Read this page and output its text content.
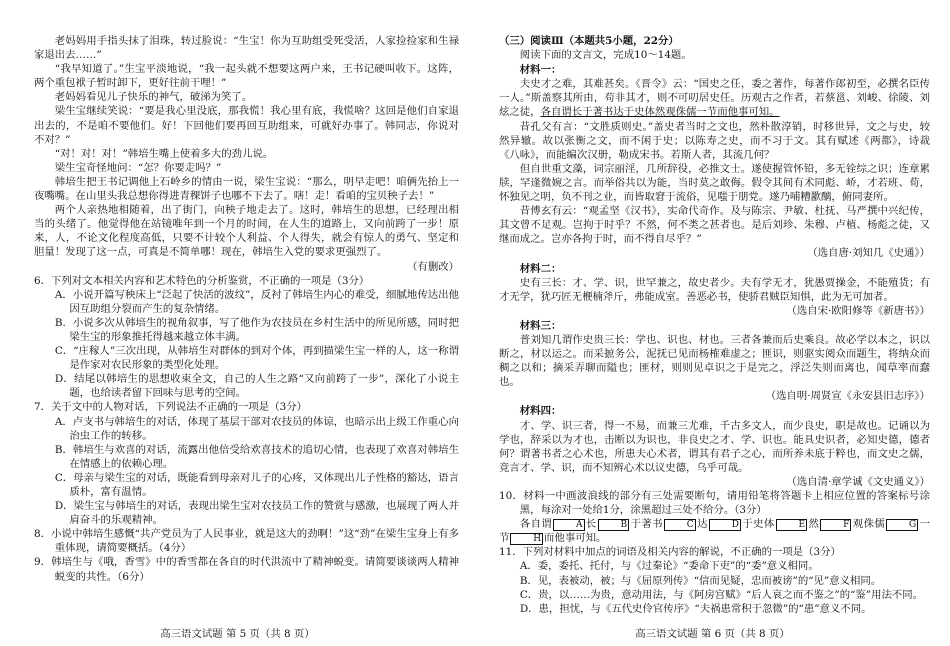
老妈妈用手指头抹了泪珠，转过脸说：“生宝！你为互助组受死受活，人家捡捡家和生禄家退出去……”

“我早知道了。”生宝平淡地说，“我一起头就不想要这两户来，王书记硬叫收下。这阵，两个重包袱子暂时卸下，更好往前干哩！”

老妈妈看见儿子快乐的神气，破涕为笑了。

梁生宝继续笑说：“要是我心里没底，那我慌！我心里有底，我慌啥？这回是他们自家退出去的，不是咱不要他们。好！下回他们要再回互助组来，可就好办事了。韩同志，你说对不对？”

“对！对！对！”韩培生嘴上使着多大的劲儿说。

梁生宝奇怪地问：“怎？你要走吗？”

韩培生把王书记调他上石岭乡的情由一说，梁生宝说：“那么，明早走吧！咱俩先抬上一夜嘴嘴。在山里头我总想你得进青稞饼子也哪不下去了。嗐！走！看咱的宝贝秧子去！”

两个人亲热地相随着，出了街门，向秧子地走去了。这时，韩培生的思想，已经理出相当的头绪了。他觉得他在站镜唯年到一个月的时间，在人生的道路上，又向前跨了一步！原来，人，不论文化程度高低，只要不计较个人利益、个人得失，就会有惊人的勇气、坚定和胆量！发现了这一点，可真是不简单哪！现在，韩培生入党的要求更强烈了。

（有删改）

6．下列对文本相关内容和艺术特色的分析鉴赏，不正确的一项是（3分）

A．小说开篇写秧床上“泛起了快活的波纹”，反衬了韩培生内心的难受，细腻地传达出他因互助组分裂而产生的复杂情绪。

B．小说多次从韩培生的视角叙事，写了他作为农技员在乡村生活中的所见所感，同时把梁生宝的形象推托得越来越立体丰满。

C．“庄稼人”三次出现，从韩培生对群体的到对个体，再到描梁生宝一样的人，这一称谓是作家对农民形象的类型化处理。

D．结尾以韩培生的思想收束全文，自己的人生之路“又向前跨了一步”，深化了小说主题，也给读者留下回味与思考的空间。

7．关于文中的人物对话，下列说法不正确的一项是（3分）

A．卢支书与韩培生的对话，体现了基层干部对农技员的体谅，也暗示出上级工作重心向治虫工作的转移。

B．韩培生与欢喜的对话，流露出他倍受给欢喜技术的追切心情，也表现了欢喜对韩培生在情感上的依赖心理。

C．母亲与梁生宝的对话，既能看到母亲对儿子的心疼，又体现出儿子性格的豁达，语言质朴，富有温情。

D．梁生宝与韩培生的对话，表现出梁生宝对农技员工作的赞赏与感激，也展现了两人并肩奋斗的乐观精神。

8．小说中韩培生感慨“共产党员为了人民事业，就是这大的劲啊！”这“劲”在梁生宝身上有多重体现，请简要概括。（4分）

9．韩培生与《哦，香雪》中的香雪都在各自的时代洪流中了精神蜕变。请简要谈谈两人精神蜕变的共性。（6分）

高三语文试题 第 5 页（共 8 页）

（三）阅读Ⅲ（本题共5小题，22分）

阅读下面的文言文，完成10～14题。

材料一：

夫史才之难，其难甚矣。《晋令》云：“国史之任，委之著作，每著作郎初至，必撰名臣传一人。”斯盖察其所由，苟非其才，则不可叨居史任。历观古之作者，若蔡邕、刘峻、徐陵、刘炫之徒，各自谓长于著书达于史体然观侏儒一节而他事可知。

昔孔父有言：“文胜质则史。”盖史者当时之文也，然朴散淳销，时移世异，文之与史，较然异辙。故以张衡之文，而不闲于史；以陈寿之史，而不习于文。其有赋述《两都》，诗裁《八咏》，而能编次汉册，勒成宋书。若斯人者，其流几何？

但自世重文藻，词宗丽淫，几所辞役，必推文士。遂使握管怀铅，多无铨综之识；连章累牍，罕逢微婉之言。而举俗共以为能，当时莫之敢侮。假令其间有术同彪、峤，才若班、荀，怀独见之明，负不刊之业，而皆取窘于流俗，见嗤于朋党。遂乃哺糟歠醨，俯同妻所。

昔傅玄有云：“观孟坚《汉书》，实命代奇作。及与陈宗、尹敏、杜抚、马严撰中兴纪传，其文曾不足观。岂拘于时乎？不然，何不类之甚者也。是后刘珍、朱穆、卢植、杨彪之徒，又继而成之。岂亦各拘于时，而不得自尽乎？”

（选自唐·刘知几《史通》）

材料二：

史有三长：才、学、识，世罕兼之，故史者少。夫有学无才，犹愚贾操金，不能殖货；有才无学，犹巧匠无楩楠斧斤，弗能成室。善恶必书，使骄君贼臣知惧，此为无可加者。

（选自宋·欧阳修等《新唐书》）

材料三：

普刘知几谓作史贵三长：学也、识也、材也。三者各兼而后史乘良。故必学以本之，识以断之，材以运之。而采摭务公，泥抚已见而杨榷难虚之；匪识，则驱实阅众而题生，将纳众而稠之以和；摘采弄聊而隘也；匪材，则则见卓识之于是完之，浮泛失则而离也，闻草率而蠢也。

（选自明·周贤宣《永安县旧志序》）

材料四：

才、学、识三者，得一不易，而兼三尤难，千古多文人，而少良史，职是故也。记诵以为学也，辞采以为才也，击断以为识也，非良史之才、学、识也。能具史识者，必知史德，德者何？谓著书者之心术也，所患夫心术者，谓其有君子之心，而所养未底于粹也，而文史之儒，竞言才、学、识，而不知辨心术以议史德，乌乎可哉。

（选自清·章学诚《文史通义》）

10．材料一中画波浪线的部分有三处需要断句，请用铅笔将答题卡上相应位置的答案标号涂黑，每涂对一处给1分，涂黑超过三处不给分。（3分）

各自谓	A 长	B 于著书	C 达	D 于史体	E 然	F 观侏儒	G 一节	H 而他事可知。

11．下列对材料中加点的词语及相关内容的解说，不正确的一项是（3分）

A．委，委托、托付，与《过秦论》“委命下吏”的“委”意义相同。

B．见，表被动，被；与《屈原列传》“信而见疑，忠而被谤”的“见”意义相同。

C．贵，以……为贵，意动用法，与《阿房宫赋》“后人哀之而不鉴之”的“鉴”用法不同。

D．患，担忧，与《五代史伶官传序》“夫祸患常积于忽微”的“患”意义不同。

高三语文试题 第 6 页（共 8 页）
